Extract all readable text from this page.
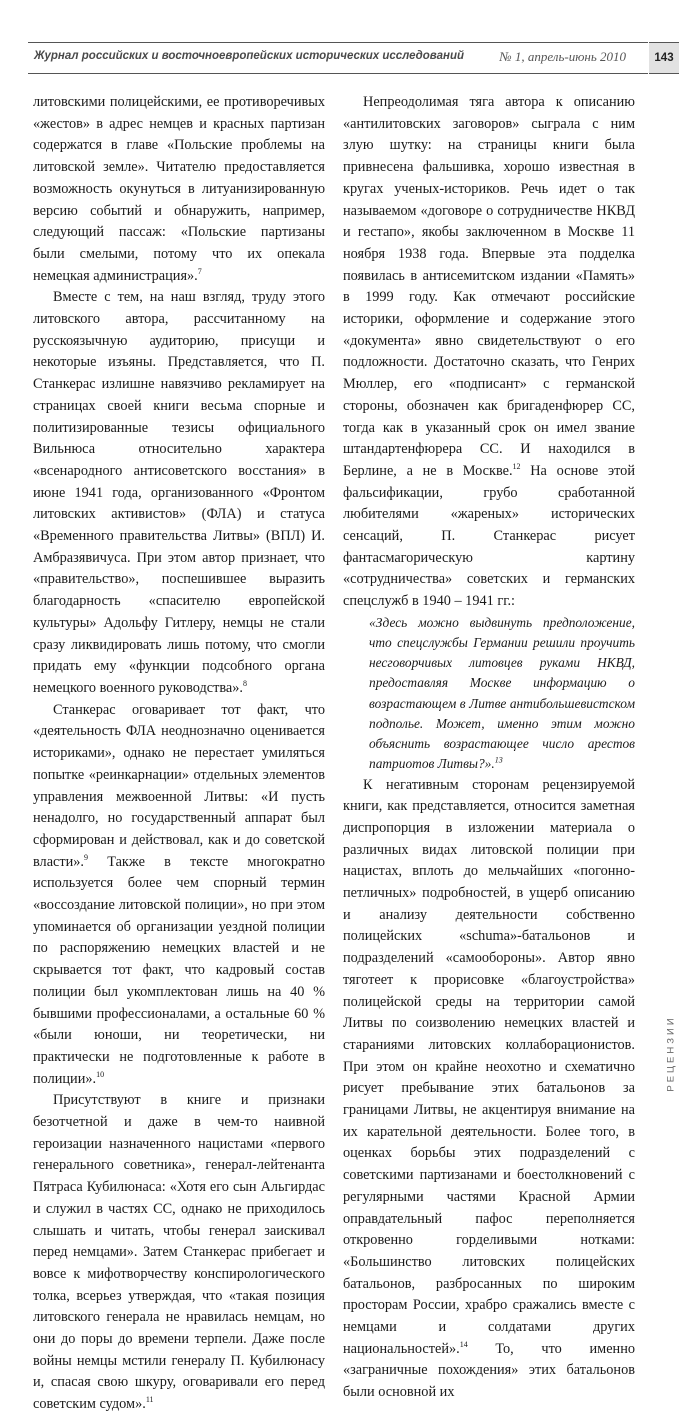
Журнал российских и восточноевропейских исторических исследований	№ 1, апрель-июнь 2010	143

литовскими полицейскими, ее противоречивых «жестов» в адрес немцев и красных партизан содержатся в главе «Польские проблемы на литовской земле». Читателю предоставляется возможность окунуться в литуанизированную версию событий и обнаружить, например, следующий пассаж: «Польские партизаны были смелыми, потому что их опекала немецкая администрация».$^7$

Вместе с тем, на наш взгляд, труду этого литовского автора, рассчитанному на русскоязычную аудиторию, присущи и некоторые изъяны. Представляется, что П. Станкерас излишне навязчиво рекламирует на страницах своей книги весьма спорные и политизированные тезисы официального Вильнюса относительно характера «всенародного антисоветского восстания» в июне 1941 года, организованного «Фронтом литовских активистов» (ФЛА) и статуса «Временного правительства Литвы» (ВПЛ) И. Амбразявичуса. При этом автор признает, что «правительство», поспешившее выразить благодарность «спасителю европейской культуры» Адольфу Гитлеру, немцы не стали сразу ликвидировать лишь потому, что смогли придать ему «функции подсобного органа немецкого военного руководства».$^8$

Станкерас оговаривает тот факт, что «деятельность ФЛА неоднозначно оценивается историками», однако не перестает умиляться попытке «реинкарнации» отдельных элементов управления межвоенной Литвы: «И пусть ненадолго, но государственный аппарат был сформирован и действовал, как и до советской власти».$^9$ Также в тексте многократно используется более чем спорный термин «воссоздание литовской полиции», но при этом упоминается об организации уездной полиции по распоряжению немецких властей и не скрывается тот факт, что кадровый состав полиции был укомплектован лишь на 40 % бывшими профессионалами, а остальные 60 % «были юноши, ни теоретически, ни практически не подготовленные к работе в полиции».$^{10}$

Присутствуют в книге и признаки безотчетной и даже в чем-то наивной героизации назначенного нацистами «первого генерального советника», генерал-лейтенанта Пятраса Кубилюнаса: «Хотя его сын Альгирдас и служил в частях СС, однако не приходилось слышать и читать, чтобы генерал заискивал перед немцами». Затем Станкерас прибегает и вовсе к мифотворчеству конспирологического толка, всерьез утверждая, что «такая позиция литовского генерала не нравилась немцам, но они до поры до времени терпели. Даже после войны немцы мстили генералу П. Кубилюнасу и, спасая свою шкуру, оговаривали его перед советским судом».$^{11}$

Непреодолимая тяга автора к описанию «антилитовских заговоров» сыграла с ним злую шутку: на страницы книги была привнесена фальшивка, хорошо известная в кругах ученых-историков. Речь идет о так называемом «договоре о сотрудничестве НКВД и гестапо», якобы заключенном в Москве 11 ноября 1938 года. Впервые эта подделка появилась в антисемитском издании «Память» в 1999 году. Как отмечают российские историки, оформление и содержание этого «документа» явно свидетельствуют о его подложности. Достаточно сказать, что Генрих Мюллер, его «подписант» с германской стороны, обозначен как бригаденфюрер СС, тогда как в указанный срок он имел звание штандартенфюрера СС. И находился в Берлине, а не в Москве.$^{12}$ На основе этой фальсификации, грубо сработанной любителями «жареных» исторических сенсаций, П. Станкерас рисует фантасмагорическую картину «сотрудничества» советских и германских спецслужб в 1940 – 1941 гг.:

«Здесь можно выдвинуть предположение, что спецслужбы Германии решили проучить несговорчивых литовцев руками НКВД, предоставляя Москве информацию о возрастающем в Литве антибольшевистском подполье. Может, именно этим можно объяснить возрастающее число арестов патриотов Литвы?».$^{13}$

К негативным сторонам рецензируемой книги, как представляется, относится заметная диспропорция в изложении материала о различных видах литовской полиции при нацистах, вплоть до мельчайших «погонно-петличных» подробностей, в ущерб описанию и анализу деятельности собственно полицейских «schuma»-батальонов и подразделений «самообороны». Автор явно тяготеет к прорисовке «благоустройства» полицейской среды на территории самой Литвы по соизволению немецких властей и стараниями литовских коллаборационистов. При этом он крайне неохотно и схематично рисует пребывание этих батальонов за границами Литвы, не акцентируя внимание на их карательной деятельности. Более того, в оценках борьбы этих подразделений с советскими партизанами и боестолкновений с регулярными частями Красной Армии оправдательный пафос переполняется откровенно горделивыми нотками: «Большинство литовских полицейских батальонов, разбросанных по широким просторам России, храбро сражались вместе с немцами и солдатами других национальностей».$^{14}$ То, что именно «заграничные похождения» этих батальонов были основной их

РЕЦЕНЗИИ
